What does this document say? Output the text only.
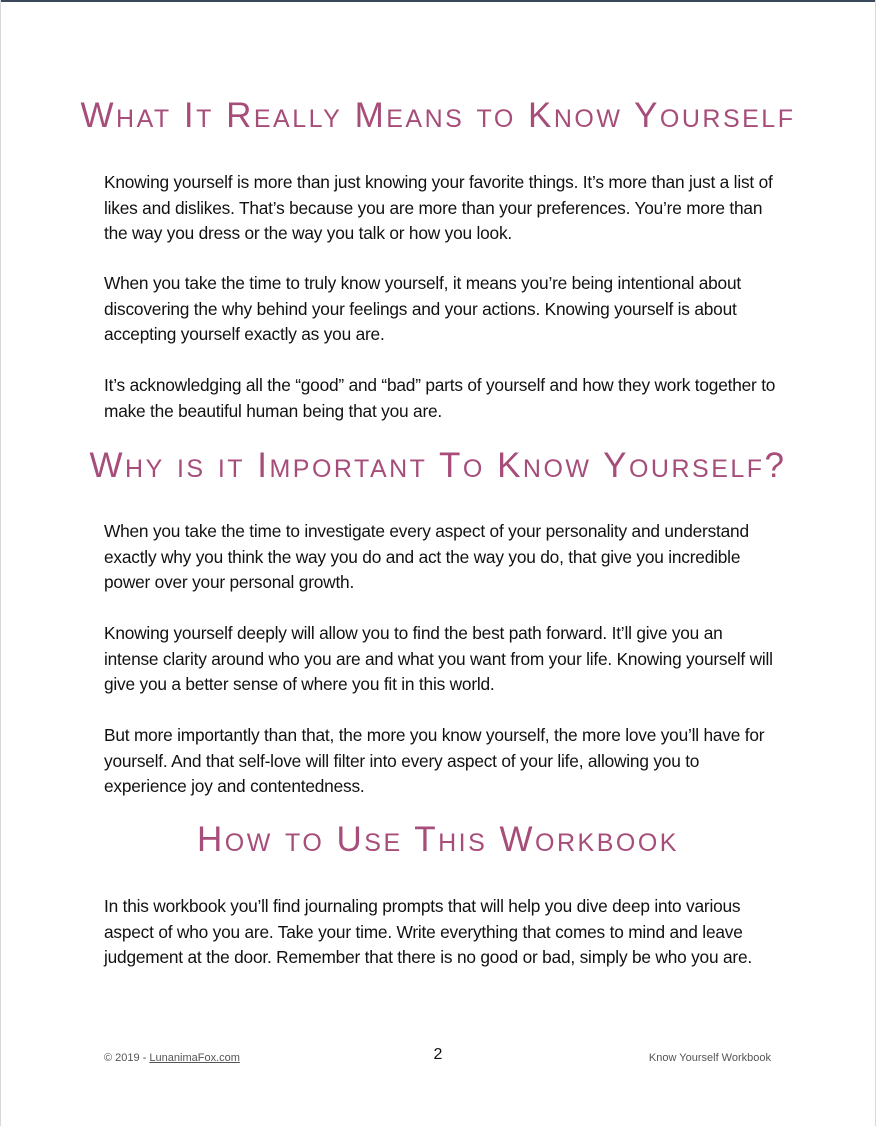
What It Really Means to Know Yourself

Knowing yourself is more than just knowing your favorite things. It’s more than just a list of likes and dislikes. That’s because you are more than your preferences. You’re more than the way you dress or the way you talk or how you look.

When you take the time to truly know yourself, it means you’re being intentional about discovering the why behind your feelings and your actions. Knowing yourself is about accepting yourself exactly as you are.

It’s acknowledging all the “good” and “bad” parts of yourself and how they work together to make the beautiful human being that you are.

Why is it Important To Know Yourself?

When you take the time to investigate every aspect of your personality and understand exactly why you think the way you do and act the way you do, that give you incredible power over your personal growth.

Knowing yourself deeply will allow you to find the best path forward. It’ll give you an intense clarity around who you are and what you want from your life. Knowing yourself will give you a better sense of where you fit in this world.

But more importantly than that, the more you know yourself, the more love you’ll have for yourself. And that self-love will filter into every aspect of your life, allowing you to experience joy and contentedness.

How to Use This Workbook

In this workbook you’ll find journaling prompts that will help you dive deep into various aspect of who you are. Take your time. Write everything that comes to mind and leave judgement at the door. Remember that there is no good or bad, simply be who you are.

© 2019 - LunanimaFox.com	2	Know Yourself Workbook
